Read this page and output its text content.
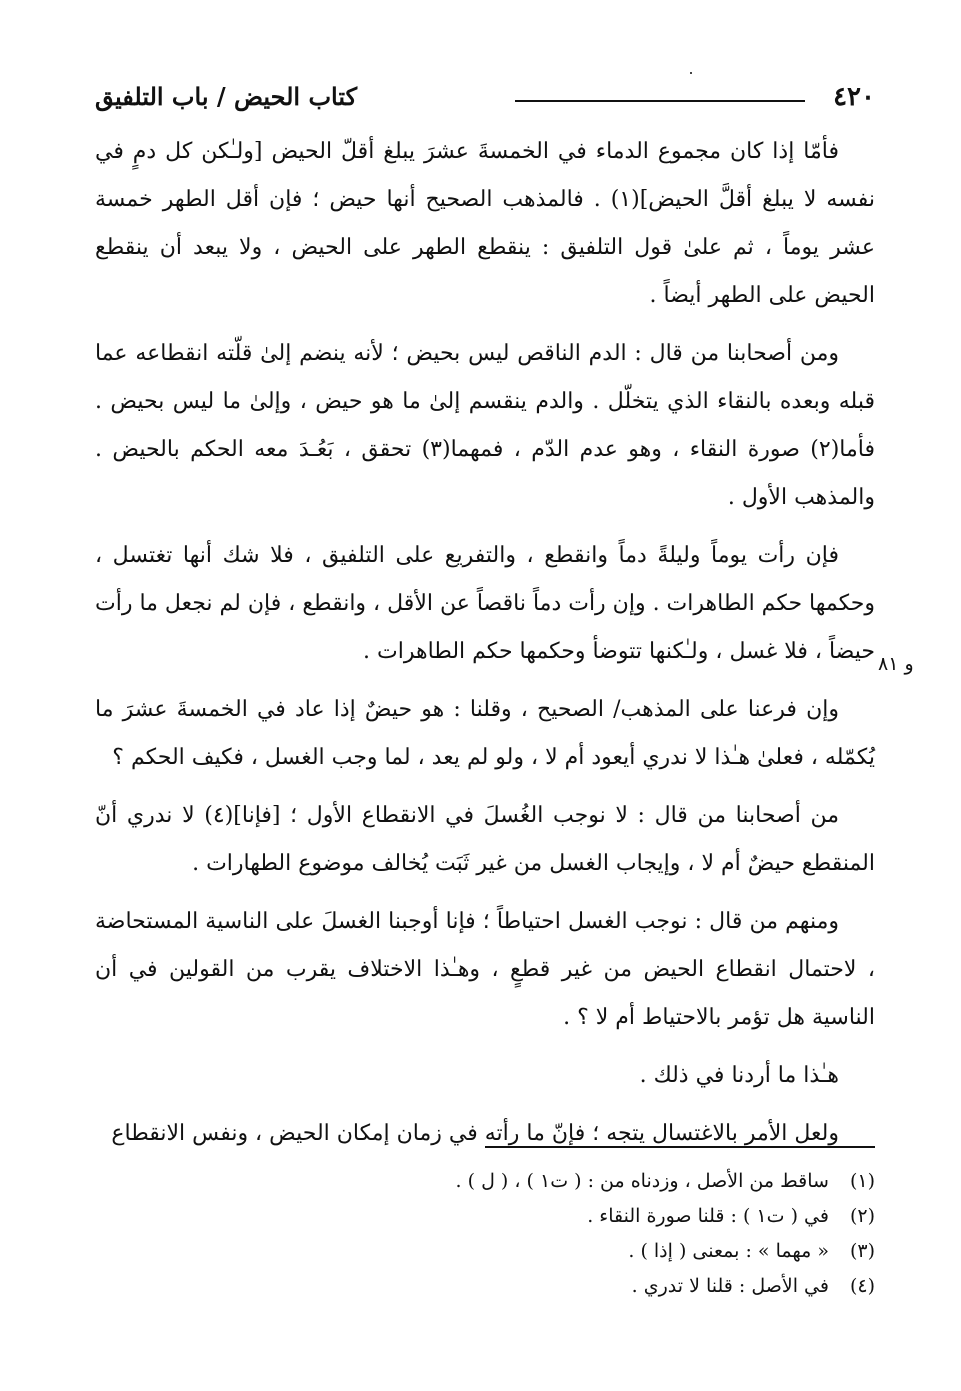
٤٢٠
كتاب الحيض / باب التلفيق
و ٨١

فأمّا إذا كان مجموع الدماء في الخمسةَ عشرَ يبلغ أقلّ الحيض [ولـٰكن كل دمٍ في نفسه لا يبلغ أقلَّ الحيض](١) . فالمذهب الصحيح أنها حيض ؛ فإن أقل الطهر خمسة عشر يوماً ، ثم علىٰ قول التلفيق : ينقطع الطهر على الحيض ، ولا يبعد أن ينقطع الحيض على الطهر أيضاً .

ومن أصحابنا من قال : الدم الناقص ليس بحيض ؛ لأنه ينضم إلىٰ قلّته انقطاعه عما قبله وبعده بالنقاء الذي يتخلّل . والدم ينقسم إلىٰ ما هو حيض ، وإلىٰ ما ليس بحيض . فأما(٢) صورة النقاء ، وهو عدم الدّم ، فمهما(٣) تحقق ، بَعُـدَ معه الحكم بالحيض . والمذهب الأول .

فإن رأت يوماً وليلةً دماً وانقطع ، والتفريع على التلفيق ، فلا شك أنها تغتسل ، وحكمها حكم الطاهرات . وإن رأت دماً ناقصاً عن الأقل ، وانقطع ، فإن لم نجعل ما رأت حيضاً ، فلا غسل ، ولـٰكنها تتوضأ وحكمها حكم الطاهرات .

وإن فرعنا على المذهب/ الصحيح ، وقلنا : هو حيضٌ إذا عاد في الخمسةَ عشرَ ما يُكمّله ، فعلىٰ هـٰذا لا ندري أيعود أم لا ، ولو لم يعد ، لما وجب الغسل ، فكيف الحكم ؟

من أصحابنا من قال : لا نوجب الغُسلَ في الانقطاع الأول ؛ [فإنا](٤) لا ندري أنّ المنقطع حيضٌ أم لا ، وإيجاب الغسل من غير ثَبَت يُخالف موضوع الطهارات .

ومنهم من قال : نوجب الغسل احتياطاً ؛ فإنا أوجبنا الغسلَ على الناسية المستحاضة ، لاحتمال انقطاع الحيض من غير قطعٍ ، وهـٰذا الاختلاف يقرب من القولين في أن الناسية هل تؤمر بالاحتياط أم لا ؟ .

هـٰذا ما أردنا في ذلك .

ولعل الأمر بالاغتسال يتجه ؛ فإنّ ما رأته في زمان إمكان الحيض ، ونفس الانقطاع

(١) ساقط من الأصل ، وزدناه من : ( ت١ ) ، ( ل ) .
(٢) في ( ت١ ) : قلنا صورة النقاء .
(٣) « مهما » : بمعنى ( إذا ) .
(٤) في الأصل : قلنا لا تدري .
